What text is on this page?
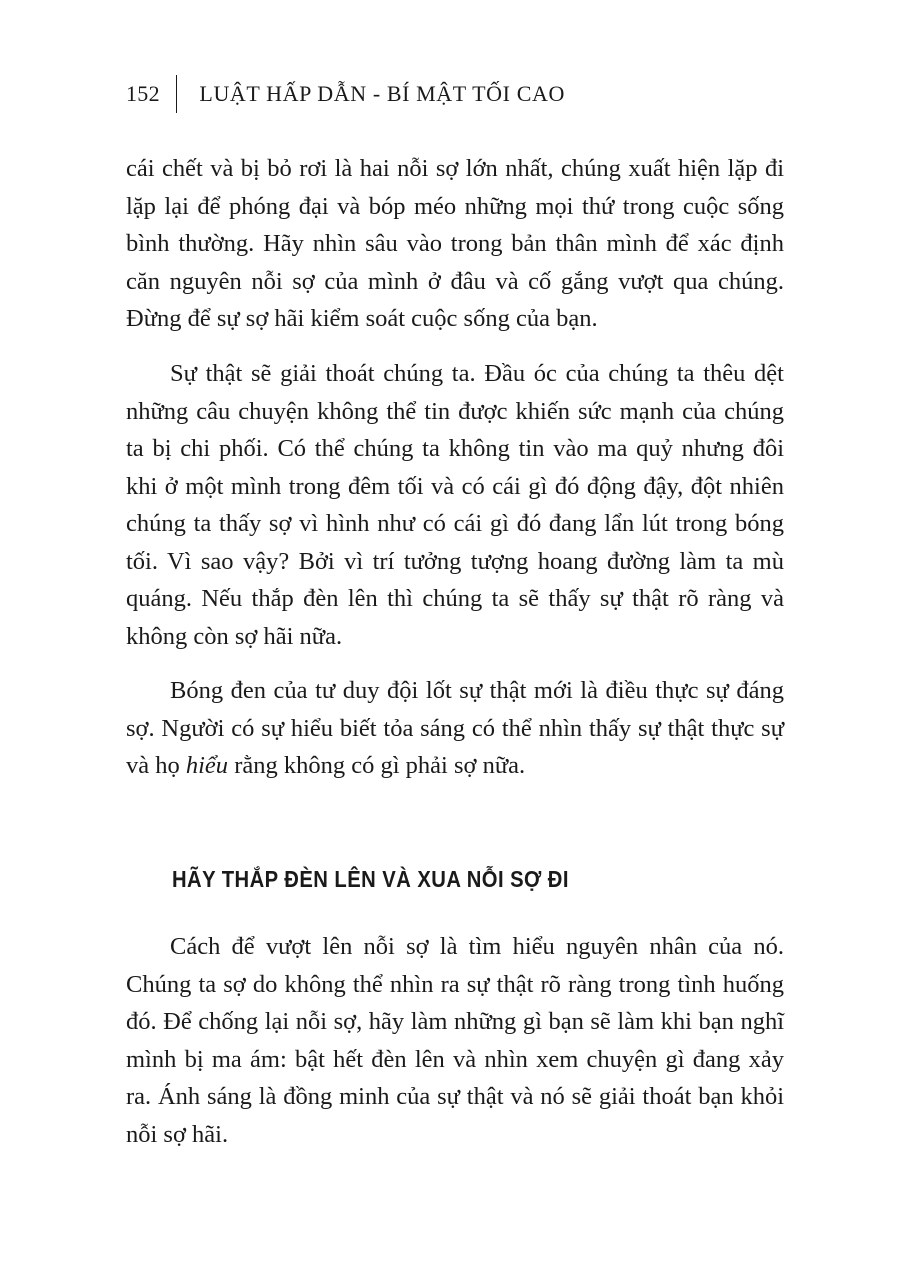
152 LUẬT HẤP DẪN - BÍ MẬT TỐI CAO

cái chết và bị bỏ rơi là hai nỗi sợ lớn nhất, chúng xuất hiện lặp đi lặp lại để phóng đại và bóp méo những mọi thứ trong cuộc sống bình thường. Hãy nhìn sâu vào trong bản thân mình để xác định căn nguyên nỗi sợ của mình ở đâu và cố gắng vượt qua chúng. Đừng để sự sợ hãi kiểm soát cuộc sống của bạn.

Sự thật sẽ giải thoát chúng ta. Đầu óc của chúng ta thêu dệt những câu chuyện không thể tin được khiến sức mạnh của chúng ta bị chi phối. Có thể chúng ta không tin vào ma quỷ nhưng đôi khi ở một mình trong đêm tối và có cái gì đó động đậy, đột nhiên chúng ta thấy sợ vì hình như có cái gì đó đang lẩn lút trong bóng tối. Vì sao vậy? Bởi vì trí tưởng tượng hoang đường làm ta mù quáng. Nếu thắp đèn lên thì chúng ta sẽ thấy sự thật rõ ràng và không còn sợ hãi nữa.

Bóng đen của tư duy đội lốt sự thật mới là điều thực sự đáng sợ. Người có sự hiểu biết tỏa sáng có thể nhìn thấy sự thật thực sự và họ hiểu rằng không có gì phải sợ nữa.

HÃY THẮP ĐÈN LÊN VÀ XUA NỖI SỢ ĐI

Cách để vượt lên nỗi sợ là tìm hiểu nguyên nhân của nó. Chúng ta sợ do không thể nhìn ra sự thật rõ ràng trong tình huống đó. Để chống lại nỗi sợ, hãy làm những gì bạn sẽ làm khi bạn nghĩ mình bị ma ám: bật hết đèn lên và nhìn xem chuyện gì đang xảy ra. Ánh sáng là đồng minh của sự thật và nó sẽ giải thoát bạn khỏi nỗi sợ hãi.
